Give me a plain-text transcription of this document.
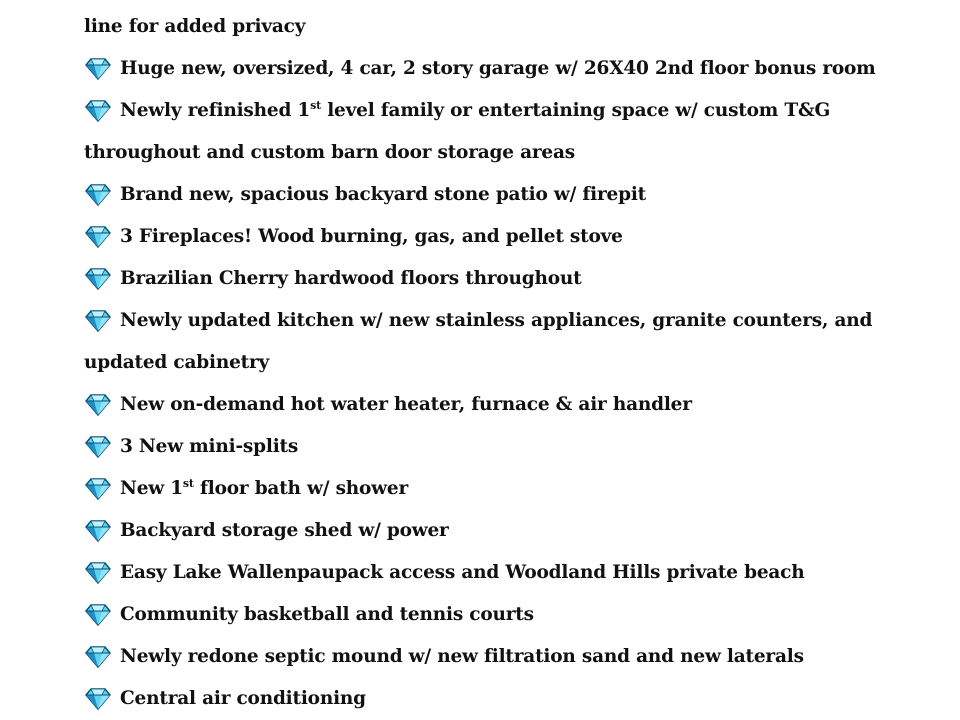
line for added privacy
Huge new, oversized, 4 car, 2 story garage w/ 26X40 2nd floor bonus room
Newly refinished 1st level family or entertaining space w/ custom T&G
throughout and custom barn door storage areas
Brand new, spacious backyard stone patio w/ firepit
3 Fireplaces! Wood burning, gas, and pellet stove
Brazilian Cherry hardwood floors throughout
Newly updated kitchen w/ new stainless appliances, granite counters, and
updated cabinetry
New on-demand hot water heater, furnace & air handler
3 New mini-splits
New 1st floor bath w/ shower
Backyard storage shed w/ power
Easy Lake Wallenpaupack access and Woodland Hills private beach
Community basketball and tennis courts
Newly redone septic mound w/ new filtration sand and new laterals
Central air conditioning
